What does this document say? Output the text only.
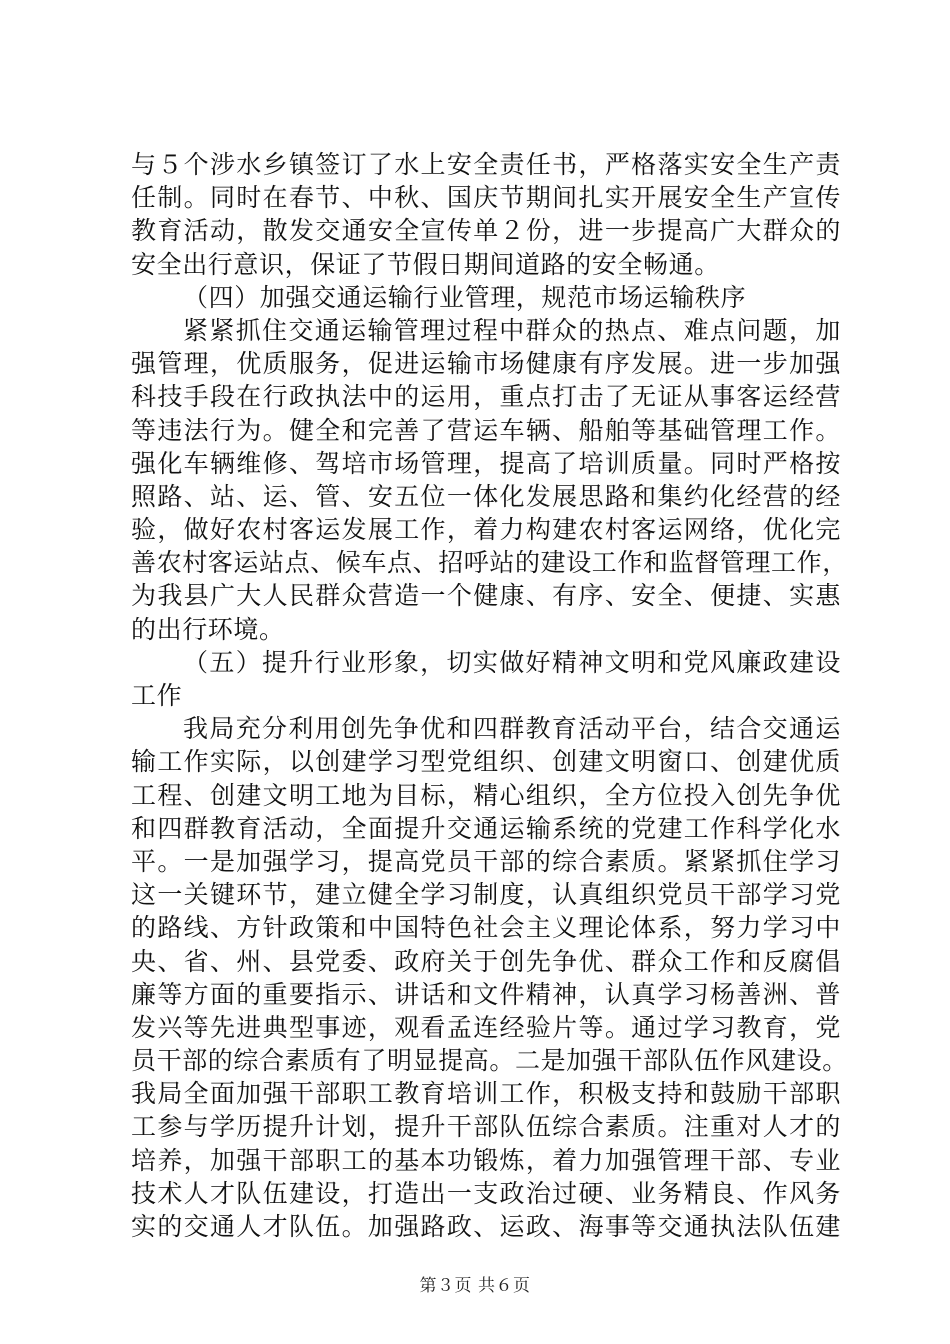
与５个涉水乡镇签订了水上安全责任书，严格落实安全生产责
任制。同时在春节、中秋、国庆节期间扎实开展安全生产宣传
教育活动，散发交通安全宣传单２份，进一步提高广大群众的
安全出行意识，保证了节假日期间道路的安全畅通。
（四）加强交通运输行业管理，规范市场运输秩序
紧紧抓住交通运输管理过程中群众的热点、难点问题，加
强管理，优质服务，促进运输市场健康有序发展。进一步加强
科技手段在行政执法中的运用，重点打击了无证从事客运经营
等违法行为。健全和完善了营运车辆、船舶等基础管理工作。
强化车辆维修、驾培市场管理，提高了培训质量。同时严格按
照路、站、运、管、安五位一体化发展思路和集约化经营的经
验，做好农村客运发展工作，着力构建农村客运网络，优化完
善农村客运站点、候车点、招呼站的建设工作和监督管理工作，
为我县广大人民群众营造一个健康、有序、安全、便捷、实惠
的出行环境。
（五）提升行业形象，切实做好精神文明和党风廉政建设
工作
我局充分利用创先争优和四群教育活动平台，结合交通运
输工作实际，以创建学习型党组织、创建文明窗口、创建优质
工程、创建文明工地为目标，精心组织，全方位投入创先争优
和四群教育活动，全面提升交通运输系统的党建工作科学化水
平。一是加强学习，提高党员干部的综合素质。紧紧抓住学习
这一关键环节，建立健全学习制度，认真组织党员干部学习党
的路线、方针政策和中国特色社会主义理论体系，努力学习中
央、省、州、县党委、政府关于创先争优、群众工作和反腐倡
廉等方面的重要指示、讲话和文件精神，认真学习杨善洲、普
发兴等先进典型事迹，观看孟连经验片等。通过学习教育，党
员干部的综合素质有了明显提高。二是加强干部队伍作风建设。
我局全面加强干部职工教育培训工作，积极支持和鼓励干部职
工参与学历提升计划，提升干部队伍综合素质。注重对人才的
培养，加强干部职工的基本功锻炼，着力加强管理干部、专业
技术人才队伍建设，打造出一支政治过硬、业务精良、作风务
实的交通人才队伍。加强路政、运政、海事等交通执法队伍建
第３页 共６页
